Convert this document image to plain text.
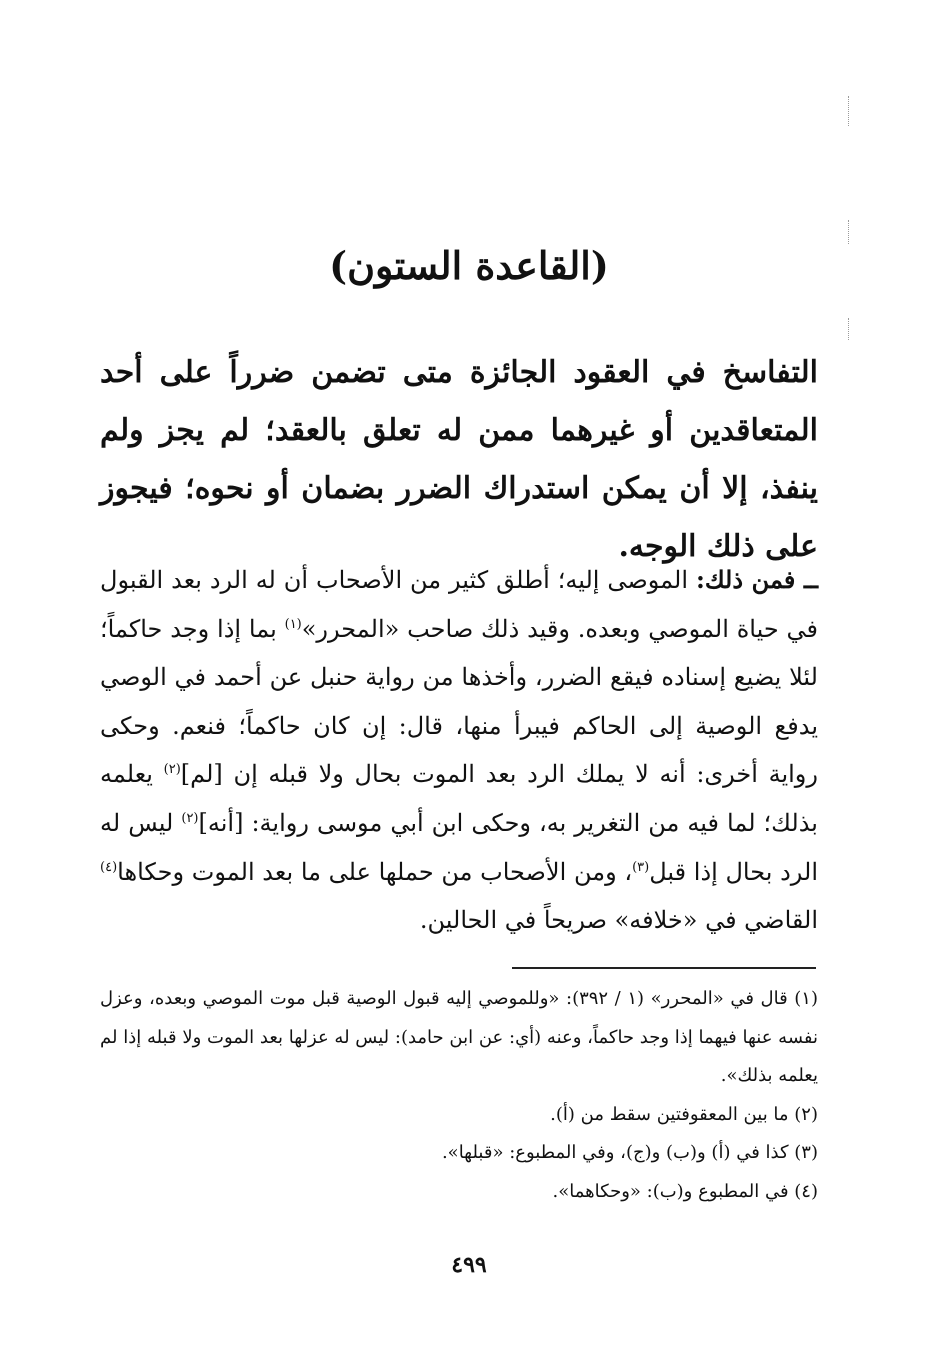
(القاعدة الستون)
التفاسخ في العقود الجائزة متى تضمن ضرراً على أحد المتعاقدين أو غيرهما ممن له تعلق بالعقد؛ لم يجز ولم ينفذ، إلا أن يمكن استدراك الضرر بضمان أو نحوه؛ فيجوز على ذلك الوجه.
ــ فمن ذلك: الموصى إليه؛ أطلق كثير من الأصحاب أن له الرد بعد القبول في حياة الموصي وبعده. وقيد ذلك صاحب «المحرر»$^{(١)}$ بما إذا وجد حاكماً؛ لئلا يضيع إسناده فيقع الضرر، وأخذها من رواية حنبل عن أحمد في الوصي يدفع الوصية إلى الحاكم فيبرأ منها، قال: إن كان حاكماً؛ فنعم. وحكى رواية أخرى: أنه لا يملك الرد بعد الموت بحال ولا قبله إن [لم]$^{(٢)}$ يعلمه بذلك؛ لما فيه من التغرير به، وحكى ابن أبي موسى رواية: [أنه]$^{(٢)}$ ليس له الرد بحال إذا قبل$^{(٣)}$، ومن الأصحاب من حملها على ما بعد الموت وحكاها$^{(٤)}$ القاضي في «خلافه» صريحاً في الحالين.
(١) قال في «المحرر» (١ / ٣٩٢): «وللموصي إليه قبول الوصية قبل موت الموصي وبعده، وعزل نفسه عنها فيهما إذا وجد حاكماً، وعنه (أي: عن ابن حامد): ليس له عزلها بعد الموت ولا قبله إذا لم يعلمه بذلك».
(٢) ما بين المعقوفتين سقط من (أ).
(٣) كذا في (أ) و(ب) و(ج)، وفي المطبوع: «قبلها».
(٤) في المطبوع و(ب): «وحكاهما».
٤٩٩
